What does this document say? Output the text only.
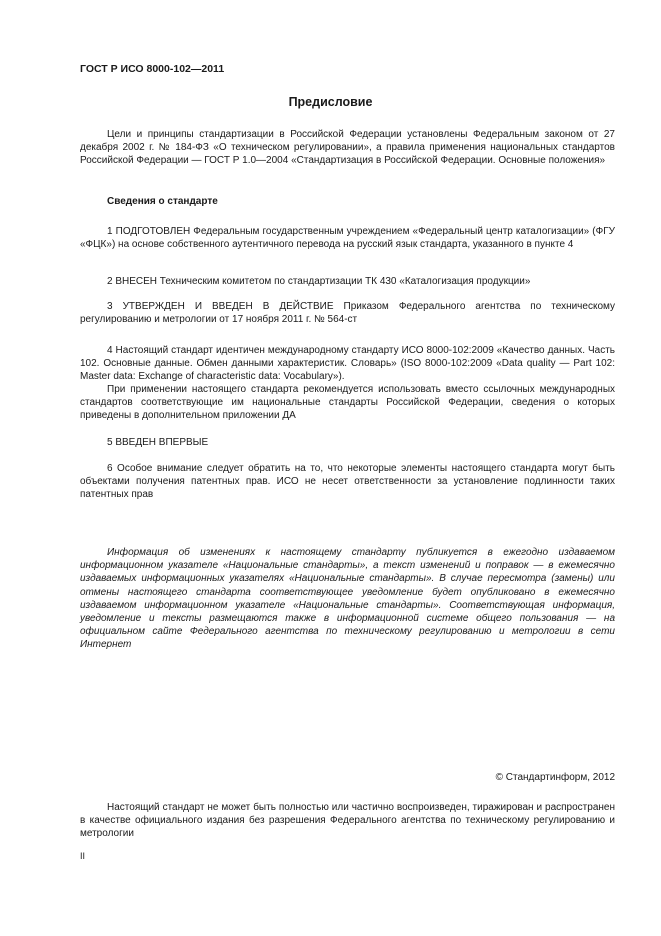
ГОСТ Р ИСО 8000-102—2011
Предисловие

Цели и принципы стандартизации в Российской Федерации установлены Федеральным законом от 27 декабря 2002 г. № 184-ФЗ «О техническом регулировании», а правила применения национальных стандартов Российской Федерации — ГОСТ Р 1.0—2004 «Стандартизация в Российской Федерации. Основные положения»

Сведения о стандарте

1 ПОДГОТОВЛЕН Федеральным государственным учреждением «Федеральный центр каталогизации» (ФГУ «ФЦК») на основе собственного аутентичного перевода на русский язык стандарта, указанного в пункте 4

2 ВНЕСЕН Техническим комитетом по стандартизации ТК 430 «Каталогизация продукции»

3 УТВЕРЖДЕН И ВВЕДЕН В ДЕЙСТВИЕ Приказом Федерального агентства по техническому регулированию и метрологии от 17 ноября 2011 г. № 564-ст

4 Настоящий стандарт идентичен международному стандарту ИСО 8000-102:2009 «Качество данных. Часть 102. Основные данные. Обмен данными характеристик. Словарь» (ISO 8000-102:2009 «Data quality — Part 102: Master data: Exchange of characteristic data: Vocabulary»).

При применении настоящего стандарта рекомендуется использовать вместо ссылочных международных стандартов соответствующие им национальные стандарты Российской Федерации, сведения о которых приведены в дополнительном приложении ДА

5 ВВЕДЕН ВПЕРВЫЕ

6 Особое внимание следует обратить на то, что некоторые элементы настоящего стандарта могут быть объектами получения патентных прав. ИСО не несет ответственности за установление подлинности таких патентных прав

Информация об изменениях к настоящему стандарту публикуется в ежегодно издаваемом информационном указателе «Национальные стандарты», а текст изменений и поправок — в ежемесячно издаваемых информационных указателях «Национальные стандарты». В случае пересмотра (замены) или отмены настоящего стандарта соответствующее уведомление будет опубликовано в ежемесячно издаваемом информационном указателе «Национальные стандарты». Соответствующая информация, уведомление и тексты размещаются также в информационной системе общего пользования — на официальном сайте Федерального агентства по техническому регулированию и метрологии в сети Интернет

© Стандартинформ, 2012

Настоящий стандарт не может быть полностью или частично воспроизведен, тиражирован и распространен в качестве официального издания без разрешения Федерального агентства по техническому регулированию и метрологии

II
